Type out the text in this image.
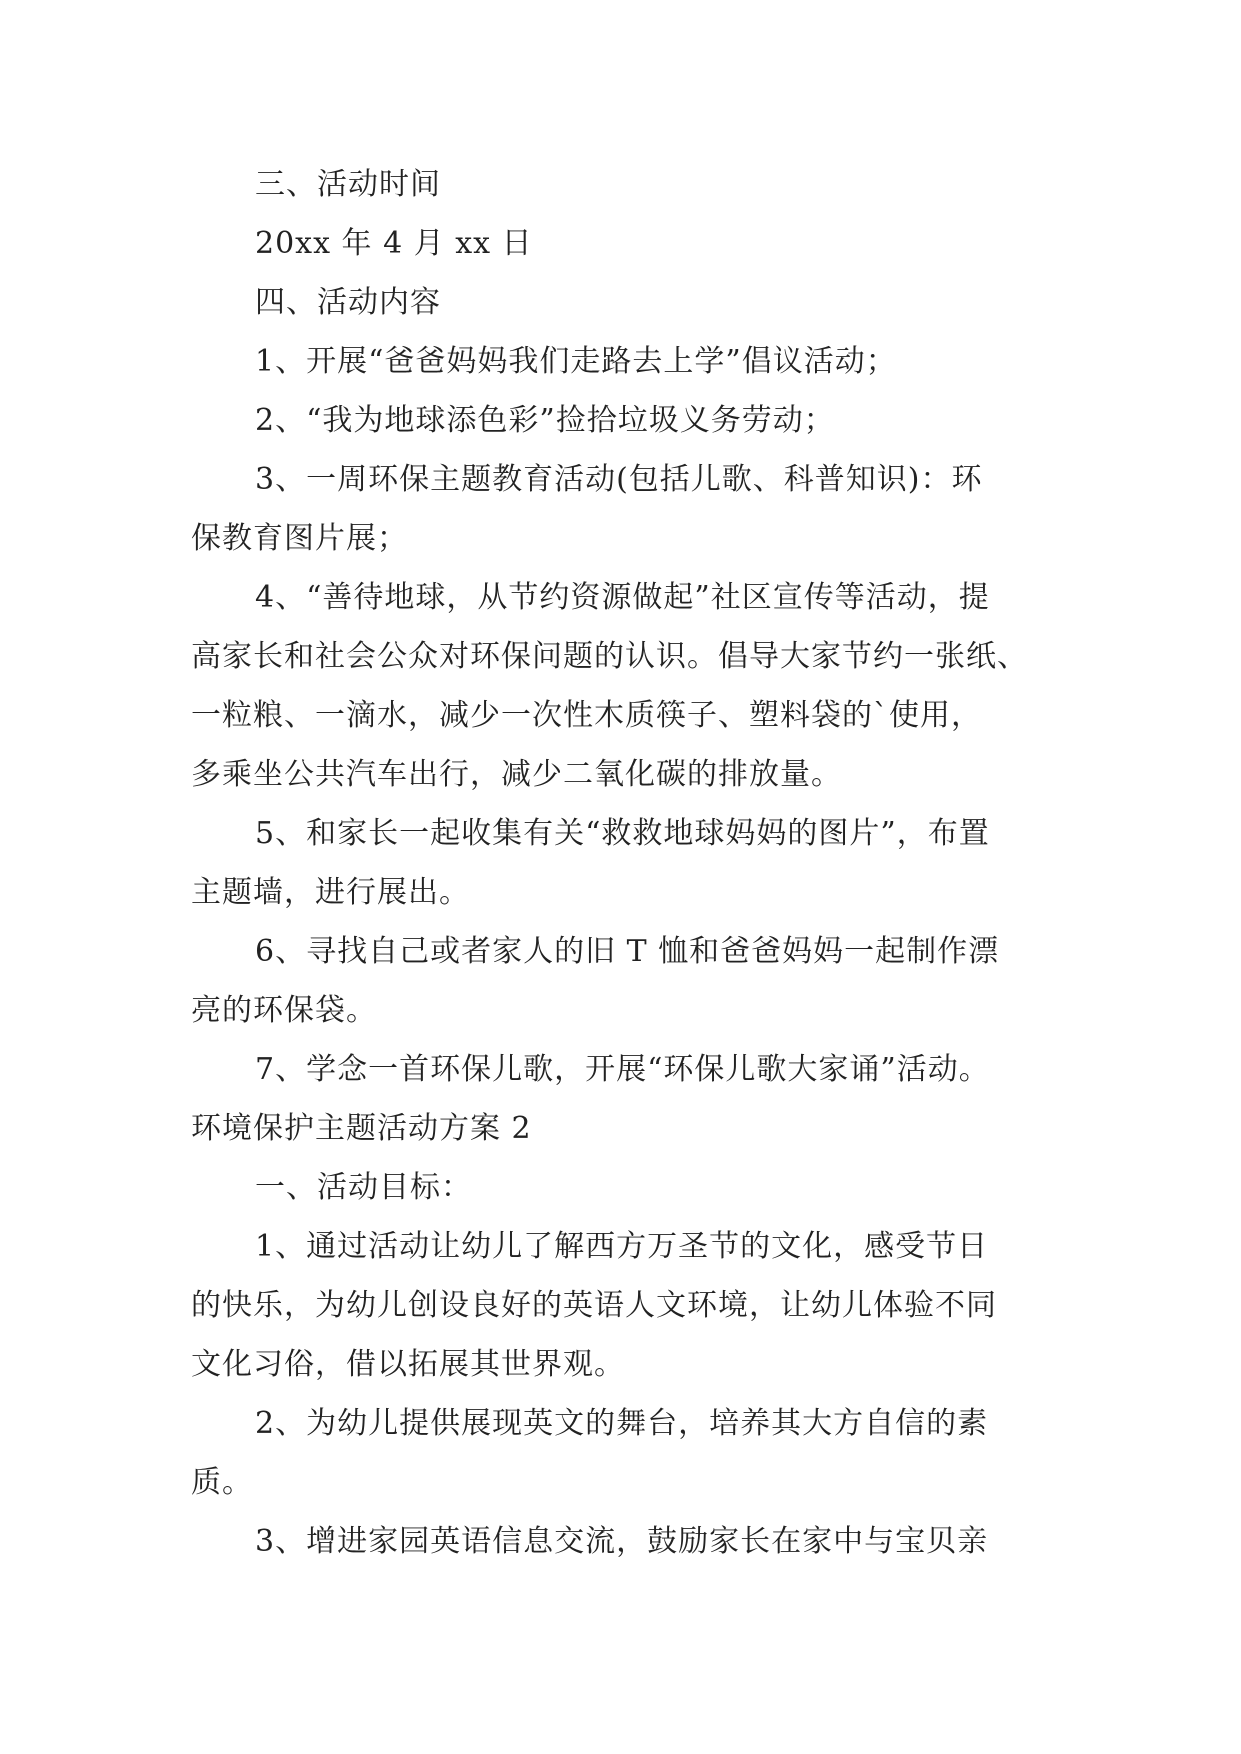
三、活动时间
20xx 年 4 月 xx 日
四、活动内容
1、开展“爸爸妈妈我们走路去上学”倡议活动；
2、“我为地球添色彩”捡拾垃圾义务劳动；
3、一周环保主题教育活动(包括儿歌、科普知识)：环
保教育图片展；
4、“善待地球，从节约资源做起”社区宣传等活动，提
高家长和社会公众对环保问题的认识。倡导大家节约一张纸、
一粒粮、一滴水，减少一次性木质筷子、塑料袋的`使用，
多乘坐公共汽车出行，减少二氧化碳的排放量。
5、和家长一起收集有关“救救地球妈妈的图片”，布置
主题墙，进行展出。
6、寻找自己或者家人的旧 T 恤和爸爸妈妈一起制作漂
亮的环保袋。
7、学念一首环保儿歌，开展“环保儿歌大家诵”活动。
环境保护主题活动方案 2
一、活动目标：
1、通过活动让幼儿了解西方万圣节的文化，感受节日
的快乐，为幼儿创设良好的英语人文环境，让幼儿体验不同
文化习俗，借以拓展其世界观。
2、为幼儿提供展现英文的舞台，培养其大方自信的素
质。
3、增进家园英语信息交流，鼓励家长在家中与宝贝亲
